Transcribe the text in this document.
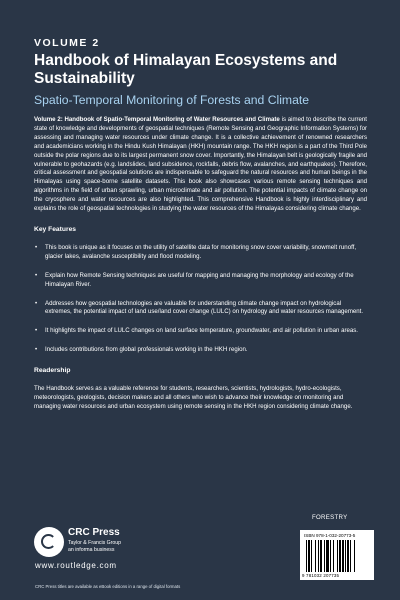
VOLUME 2
Handbook of Himalayan Ecosystems and Sustainability
Spatio-Temporal Monitoring of Forests and Climate

Volume 2: Handbook of Spatio-Temporal Monitoring of Water Resources and Climate is aimed to describe the current state of knowledge and developments of geospatial techniques (Remote Sensing and Geographic Information Systems) for assessing and managing water resources under climate change. It is a collective achievement of renowned researchers and academicians working in the Hindu Kush Himalayan (HKH) mountain range. The HKH region is a part of the Third Pole outside the polar regions due to its largest permanent snow cover. Importantly, the Himalayan belt is geologically fragile and vulnerable to geohazards (e.g. landslides, land subsidence, rockfalls, debris flow, avalanches, and earthquakes). Therefore, critical assessment and geospatial solutions are indispensable to safeguard the natural resources and human beings in the Himalayas using space-borne satellite datasets. This book also showcases various remote sensing techniques and algorithms in the field of urban sprawling, urban microclimate and air pollution. The potential impacts of climate change on the cryosphere and water resources are also highlighted. This comprehensive Handbook is highly interdisciplinary and explains the role of geospatial technologies in studying the water resources of the Himalayas considering climate change.

Key Features
• This book is unique as it focuses on the utility of satellite data for monitoring snow cover variability, snowmelt runoff, glacier lakes, avalanche susceptibility and flood modeling.
• Explain how Remote Sensing techniques are useful for mapping and managing the morphology and ecology of the Himalayan River.
• Addresses how geospatial technologies are valuable for understanding climate change impact on hydrological extremes, the potential impact of land use/land cover change (LULC) on hydrology and water resources management.
• It highlights the impact of LULC changes on land surface temperature, groundwater, and air pollution in urban areas.
• Includes contributions from global professionals working in the HKH region.
Readership

The Handbook serves as a valuable reference for students, researchers, scientists, hydrologists, hydro-ecologists, meteorologists, geologists, decision makers and all others who wish to advance their knowledge on monitoring and managing water resources and urban ecosystem using remote sensing in the HKH region considering climate change.

CRC Press
Taylor & Francis Group
an informa business
www.routledge.com
CRC Press titles are available as eBook editions in a range of digital formats
FORESTRY
ISBN 978-1-032-20773-5
9 781032 207735
